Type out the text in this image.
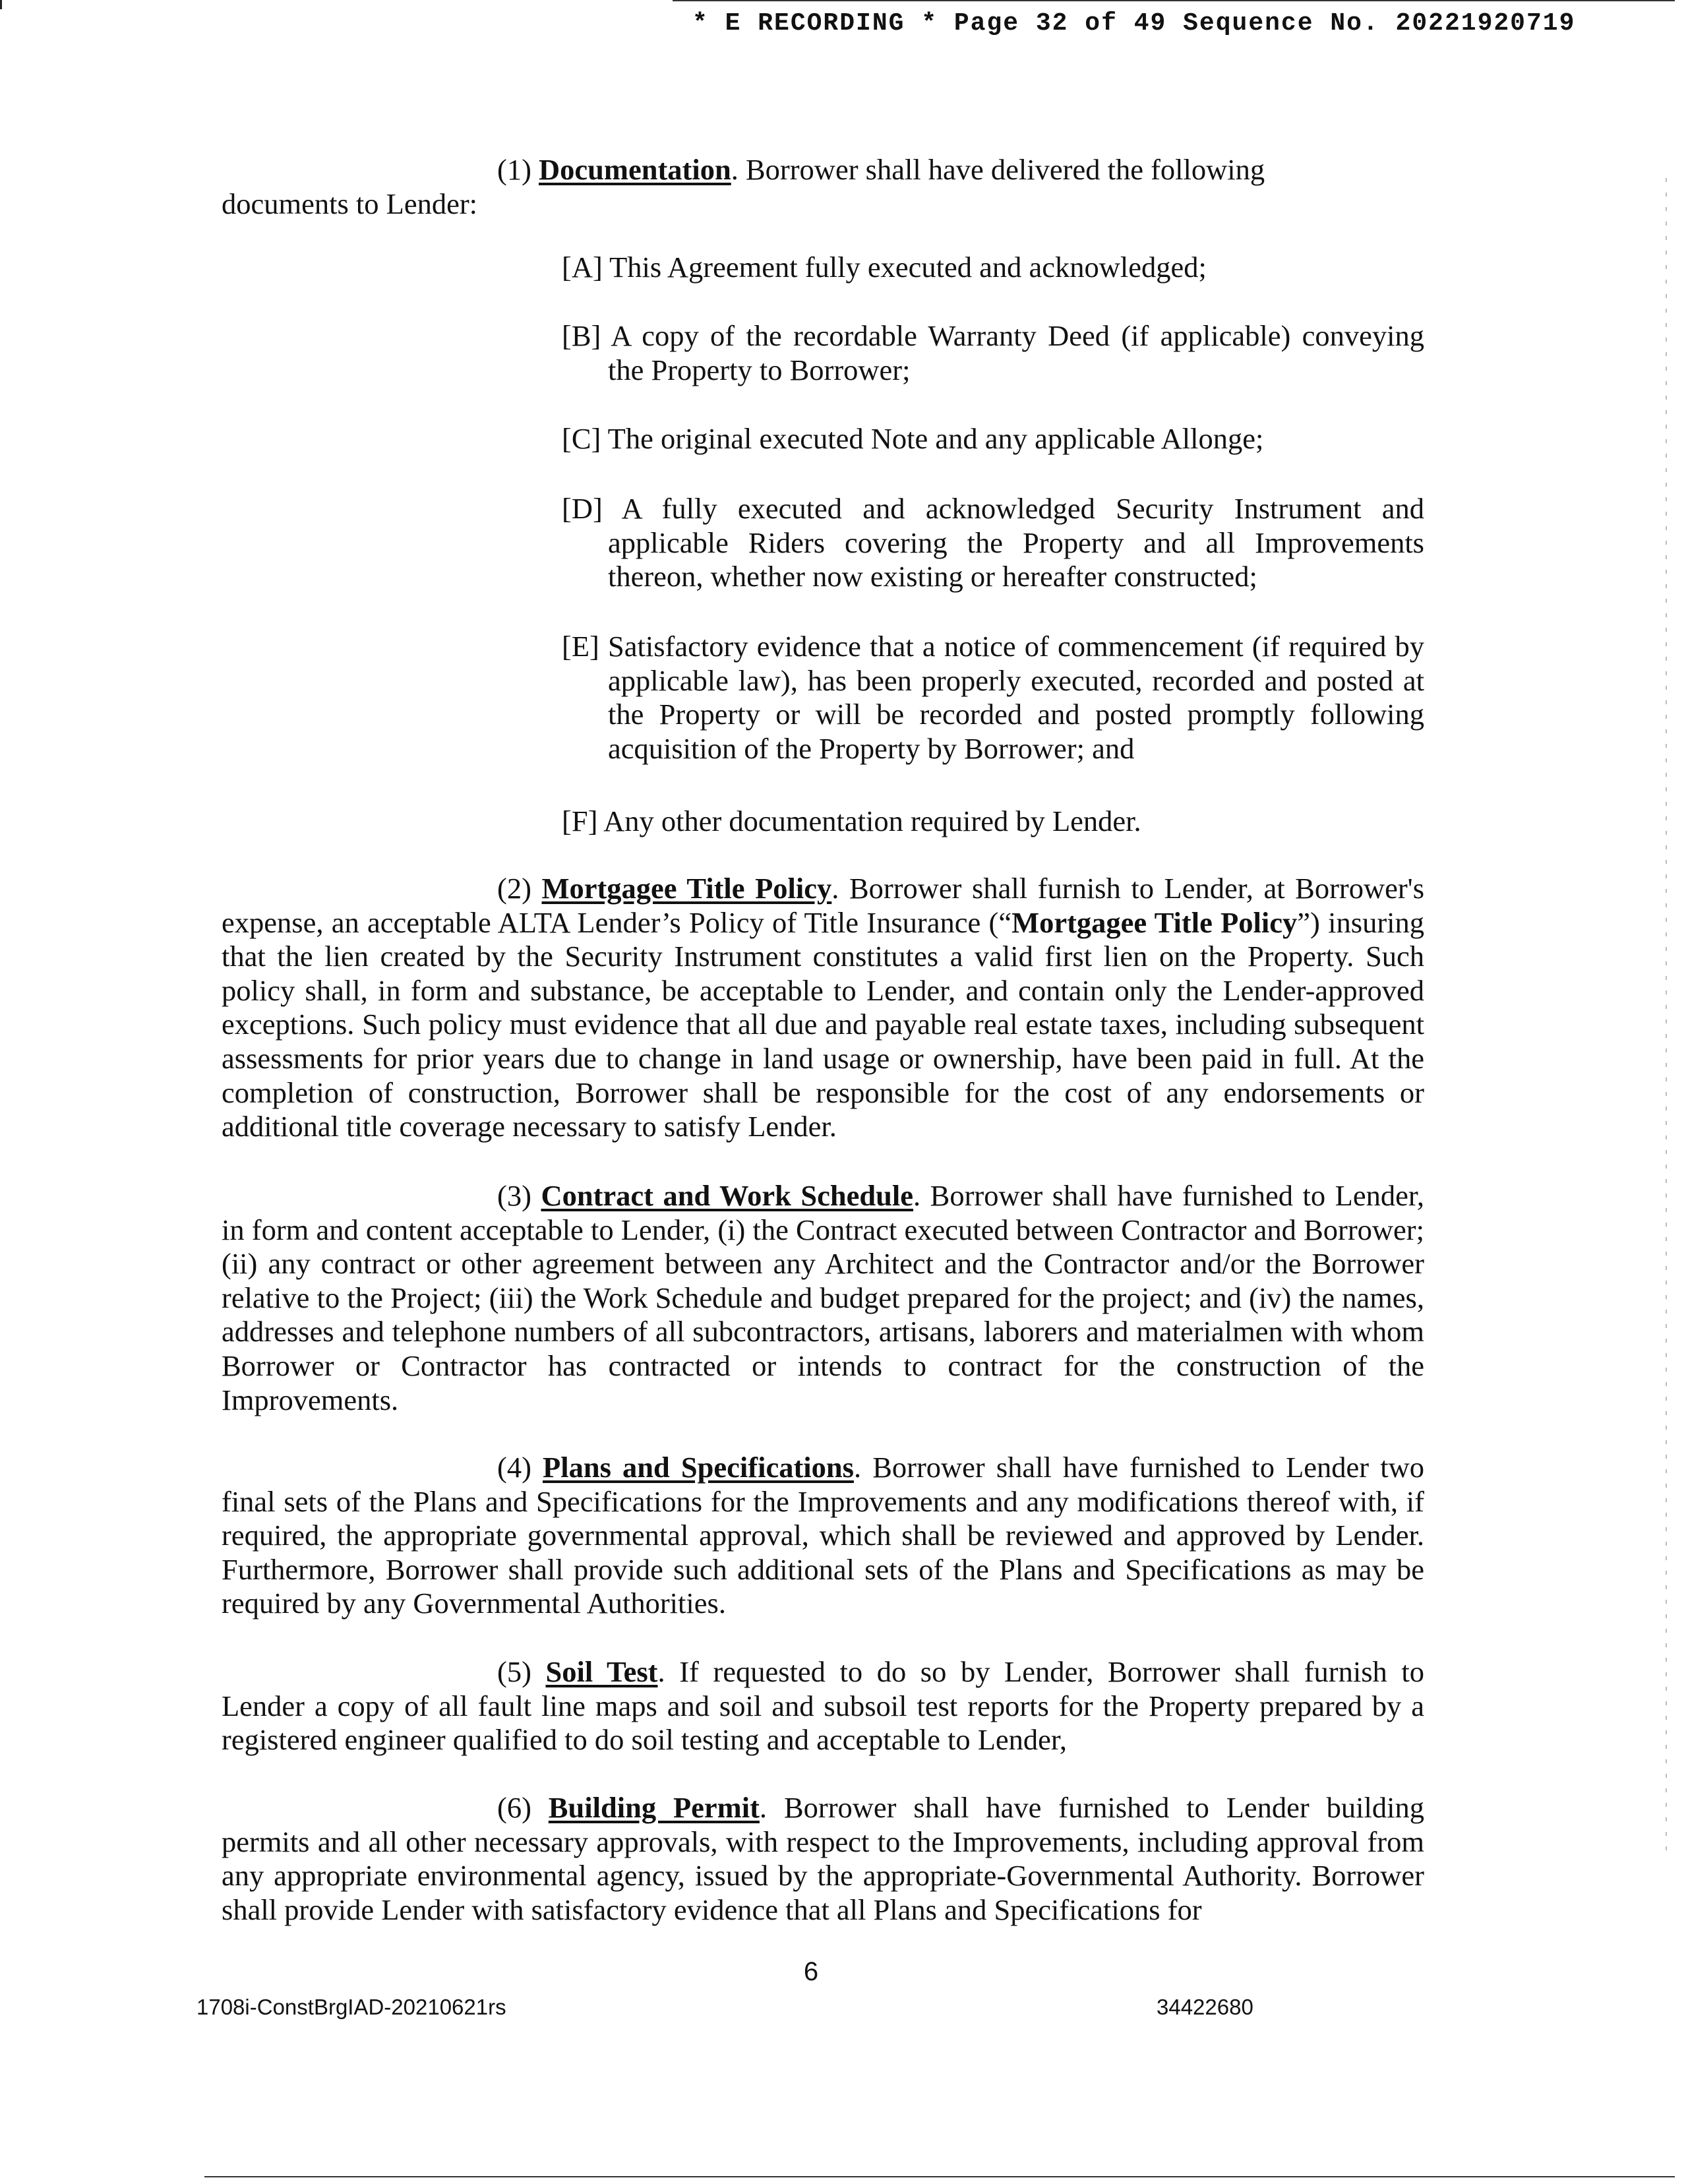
* E RECORDING * Page 32 of 49 Sequence No. 20221920719
(1) Documentation. Borrower shall have delivered the following
documents to Lender:
[A] This Agreement fully executed and acknowledged;
[B] A copy of the recordable Warranty Deed (if applicable) conveying the Property to Borrower;
[C] The original executed Note and any applicable Allonge;
[D] A fully executed and acknowledged Security Instrument and applicable Riders covering the Property and all Improvements thereon, whether now existing or hereafter constructed;
[E] Satisfactory evidence that a notice of commencement (if required by applicable law), has been properly executed, recorded and posted at the Property or will be recorded and posted promptly following acquisition of the Property by Borrower; and
[F] Any other documentation required by Lender.
(2) Mortgagee Title Policy. Borrower shall furnish to Lender, at Borrower's expense, an acceptable ALTA Lender’s Policy of Title Insurance (“Mortgagee Title Policy”) insuring that the lien created by the Security Instrument constitutes a valid first lien on the Property. Such policy shall, in form and substance, be acceptable to Lender, and contain only the Lender-approved exceptions. Such policy must evidence that all due and payable real estate taxes, including subsequent assessments for prior years due to change in land usage or ownership, have been paid in full. At the completion of construction, Borrower shall be responsible for the cost of any endorsements or additional title coverage necessary to satisfy Lender.
(3) Contract and Work Schedule. Borrower shall have furnished to Lender, in form and content acceptable to Lender, (i) the Contract executed between Contractor and Borrower; (ii) any contract or other agreement between any Architect and the Contractor and/or the Borrower relative to the Project; (iii) the Work Schedule and budget prepared for the project; and (iv) the names, addresses and telephone numbers of all subcontractors, artisans, laborers and materialmen with whom Borrower or Contractor has contracted or intends to contract for the construction of the Improvements.
(4) Plans and Specifications. Borrower shall have furnished to Lender two final sets of the Plans and Specifications for the Improvements and any modifications thereof with, if required, the appropriate governmental approval, which shall be reviewed and approved by Lender. Furthermore, Borrower shall provide such additional sets of the Plans and Specifications as may be required by any Governmental Authorities.
(5) Soil Test. If requested to do so by Lender, Borrower shall furnish to Lender a copy of all fault line maps and soil and subsoil test reports for the Property prepared by a registered engineer qualified to do soil testing and acceptable to Lender,
(6) Building Permit. Borrower shall have furnished to Lender building permits and all other necessary approvals, with respect to the Improvements, including approval from any appropriate environmental agency, issued by the appropriate-Governmental Authority. Borrower shall provide Lender with satisfactory evidence that all Plans and Specifications for
6
1708i-ConstBrgIAD-20210621rs	34422680
